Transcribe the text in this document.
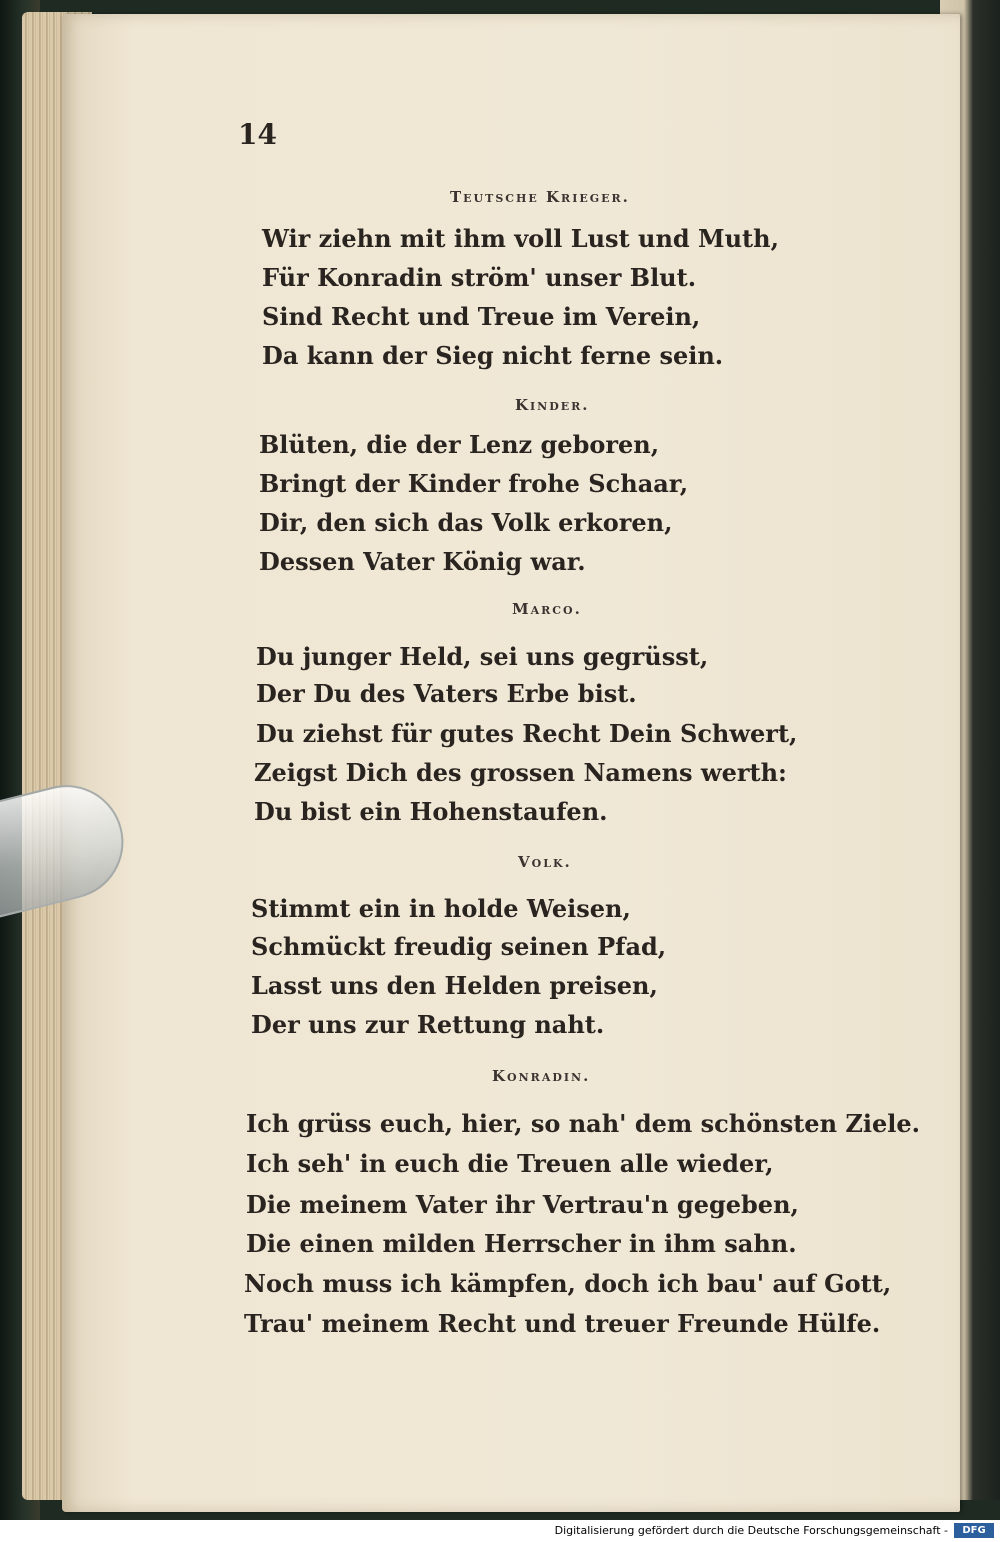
14
Teutsche Krieger.
Wir ziehn mit ihm voll Lust und Muth,
Für Konradin ström' unser Blut.
Sind Recht und Treue im Verein,
Da kann der Sieg nicht ferne sein.
Kinder.
Blüten, die der Lenz geboren,
Bringt der Kinder frohe Schaar,
Dir, den sich das Volk erkoren,
Dessen Vater König war.
Marco.
Du junger Held, sei uns gegrüsst,
Der Du des Vaters Erbe bist.
Du ziehst für gutes Recht Dein Schwert,
Zeigst Dich des grossen Namens werth:
Du bist ein Hohenstaufen.
Volk.
Stimmt ein in holde Weisen,
Schmückt freudig seinen Pfad,
Lasst uns den Helden preisen,
Der uns zur Rettung naht.
Konradin.
Ich grüss euch, hier, so nah' dem schönsten Ziele.
Ich seh' in euch die Treuen alle wieder,
Die meinem Vater ihr Vertrau'n gegeben,
Die einen milden Herrscher in ihm sahn.
Noch muss ich kämpfen, doch ich bau' auf Gott,
Trau' meinem Recht und treuer Freunde Hülfe.
Digitalisierung gefördert durch die Deutsche Forschungsgemeinschaft -	DFG
